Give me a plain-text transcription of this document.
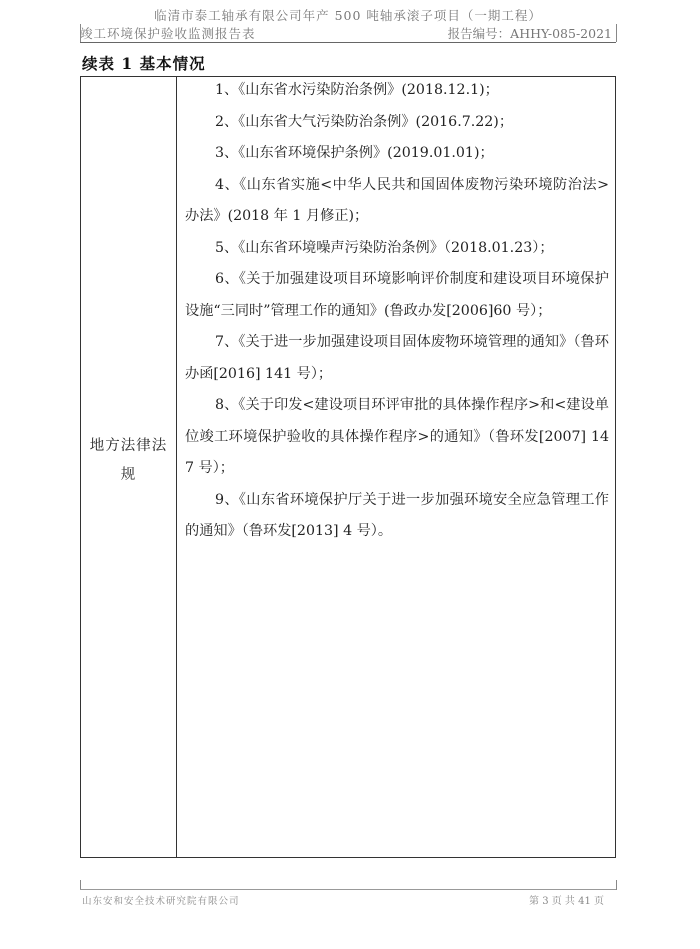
临清市泰工轴承有限公司年产 500 吨轴承滚子项目（一期工程）
竣工环境保护验收监测报告表	报告编号：AHHY-085-2021
续表 1 基本情况
地方法律法
规

1、《山东省水污染防治条例》(2018.12.1)；

2、《山东省大气污染防治条例》(2016.7.22)；

3、《山东省环境保护条例》(2019.01.01)；

4、《山东省实施<中华人民共和国固体废物污染环境防治法>办法》(2018 年 1 月修正)；

5、《山东省环境噪声污染防治条例》（2018.01.23）；

6、《关于加强建设项目环境影响评价制度和建设项目环境保护设施“三同时”管理工作的通知》(鲁政办发[2006]60 号）；

7、《关于进一步加强建设项目固体废物环境管理的通知》（鲁环办函[2016] 141 号）；

8、《关于印发<建设项目环评审批的具体操作程序>和<建设单位竣工环境保护验收的具体操作程序>的通知》（鲁环发[2007] 147 号）；

9、《山东省环境保护厅关于进一步加强环境安全应急管理工作的通知》（鲁环发[2013] 4 号）。

山东安和安全技术研究院有限公司	第 3 页 共 41 页
